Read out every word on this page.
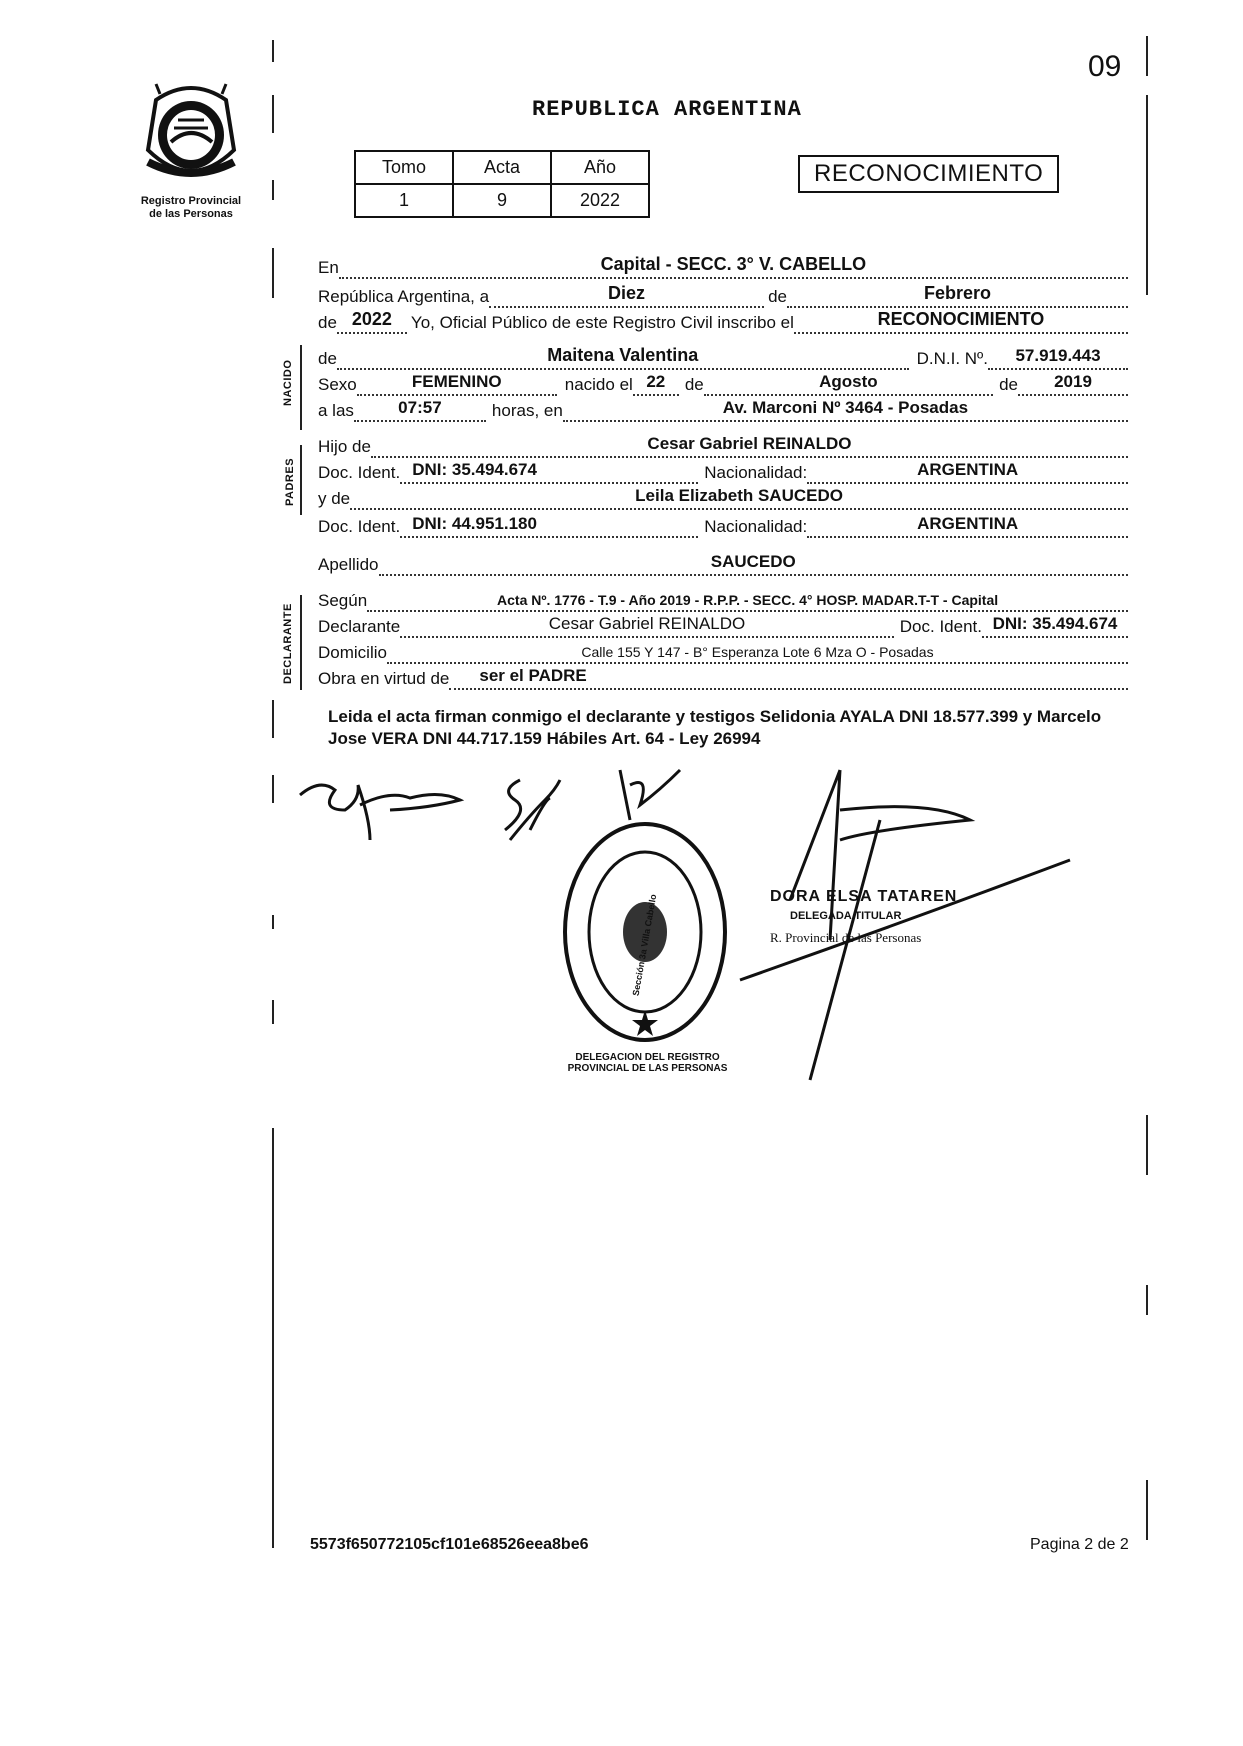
09
Registro Provincial
de las Personas
REPUBLICA ARGENTINA
Tomo	Acta	Año
1	9	2022
RECONOCIMIENTO
NACIDO
PADRES
DECLARANTE
En	Capital - SECC. 3° V. CABELLO
República Argentina, a	Diez	de	Febrero
de 2022	Yo, Oficial Público de este Registro Civil inscribo el	RECONOCIMIENTO
de	Maitena Valentina	D.N.I. Nº.	57.919.443
Sexo	FEMENINO	nacido el 22	de	Agosto	de	2019
a las	07:57	horas, en	Av. Marconi Nº 3464 - Posadas
Hijo de	Cesar Gabriel REINALDO
Doc. Ident. DNI: 35.494.674	Nacionalidad:	ARGENTINA
y de	Leila Elizabeth SAUCEDO
Doc. Ident. DNI: 44.951.180	Nacionalidad:	ARGENTINA
Apellido	SAUCEDO
Según	Acta Nº. 1776 - T.9 - Año 2019 - R.P.P. - SECC. 4° HOSP. MADAR.T-T - Capital
Declarante	Cesar Gabriel REINALDO	Doc. Ident. DNI: 35.494.674
Domicilio	Calle 155 Y 147 - B° Esperanza Lote 6 Mza O - Posadas
Obra en virtud de ser el PADRE
Leida el acta firman conmigo el declarante y testigos Selidonia AYALA DNI 18.577.399 y Marcelo Jose VERA DNI 44.717.159 Hábiles Art. 64 - Ley 26994
Sección 3a Villa Cabello
DELEGACION DEL REGISTRO PROVINCIAL DE LAS PERSONAS
DORA ELSA TATAREN
DELEGADA TITULAR
R. Provincial de las Personas
5573f650772105cf101e68526eea8be6	Pagina 2 de 2
